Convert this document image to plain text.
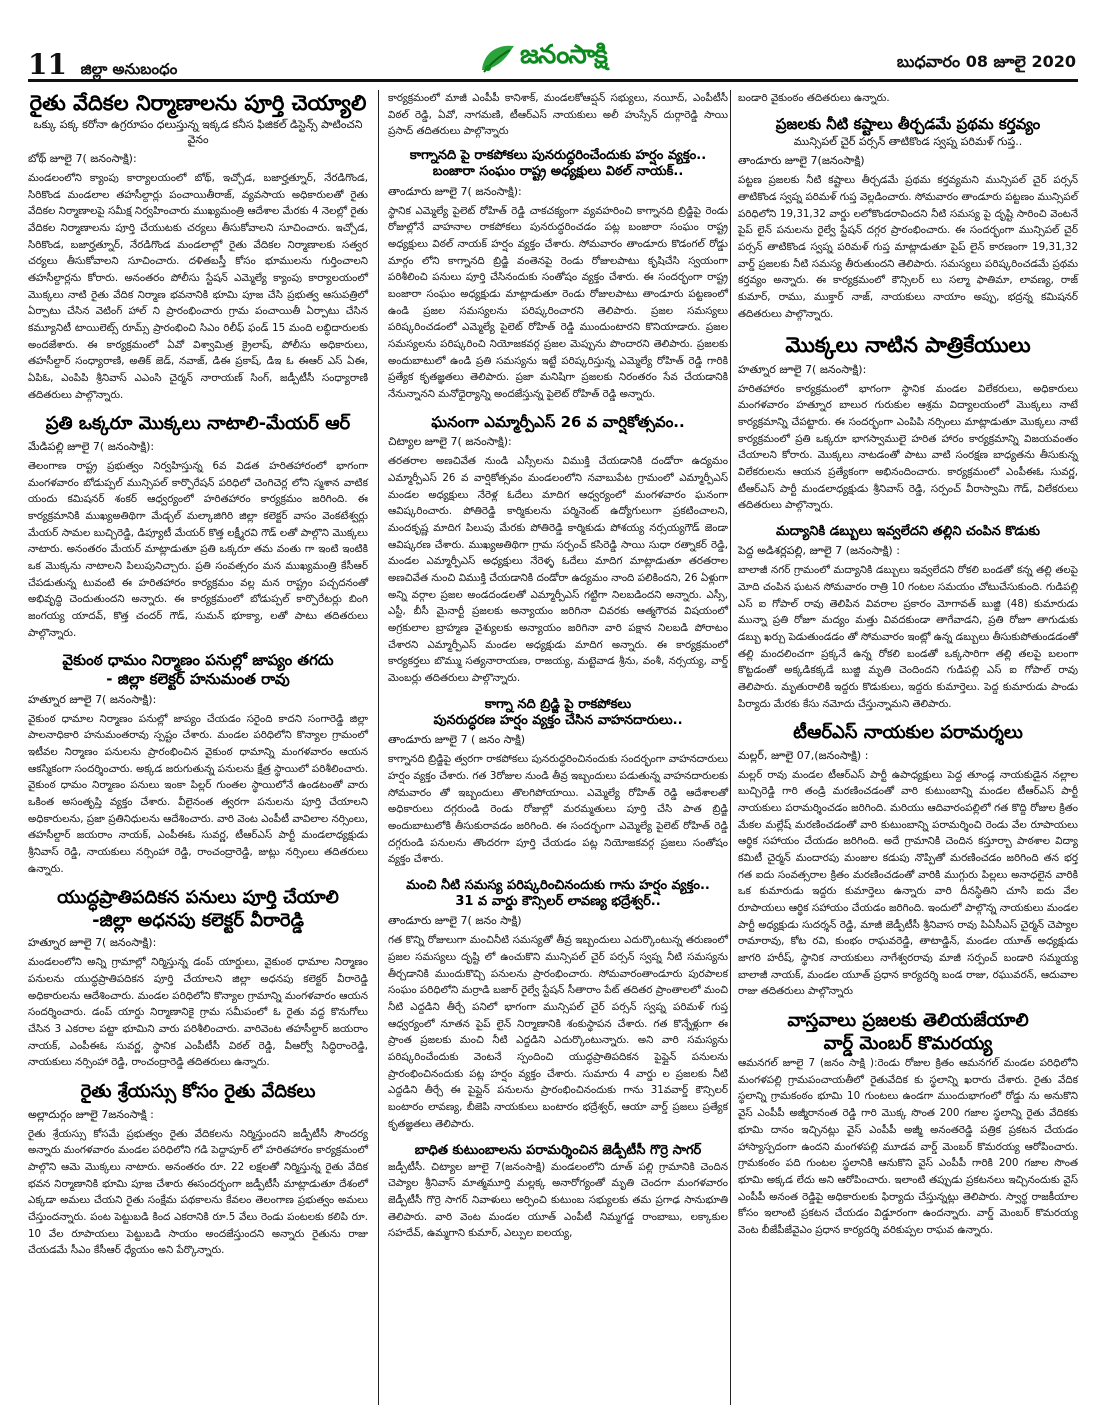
11 జిల్లా అనుబంధం	జనంసాక్షి	బుధవారం 08 జూలై 2020
రైతు వేదికల నిర్మాణాలను పూర్తి చెయ్యాలి
ఒక్కు పక్క కరోనా ఉగ్రరూపం ధలుస్తున్న ఇక్కడ కనీస ఫిజికల్ డిస్టెన్స్ పాటించని వైనం
బోథ్ జూలై 7( జనంసాక్షి):
మండలంలోని క్యాంపు కార్యాలయంలో బోథ్, ఇచ్చోడ, బజార్హత్నూర్, నేరడిగొండ, సిరికొండ మండలాల తహసీల్దార్లు పంచాయితీరాజ్, వ్యవసాయ అధికారులతో రైతు వేదికల నిర్మాణాలపై సమీక్ష నిర్వహించారు ముఖ్యమంత్రి ఆదేశాల మేరకు 4 నెలల్లో రైతు వేదికల నిర్మాణాలను పూర్తి చేయుటకు చర్యలు తీసుకోవాలని సూచించారు. ఇచ్చోడ, సిరికొండ, బజార్హత్నూర్, నేరడిగొండ మండలాల్లో రైతు వేదికల నిర్మాణాలకు సత్వర చర్యలు తీసుకోవాలని సూచించారు. దళితబస్తీ కోసం భూములను గుర్తించాలని తహసీల్దార్లను కోరారు. అనంతరం పోలీసు స్టేషన్ ఎమ్మెల్యే క్యాంపు కార్యాలయంలో మొక్కలు నాటి రైతు వేదిక నిర్మాణ భవనానికి భూమి పూజ చేసి ప్రభుత్వ ఆసుపత్రిలో ఏర్పాటు చేసిన వెటింగ్ హాల్ ని ప్రారంభించారు గ్రామ పంచాయితీ ఏర్పాటు చేసిన కమ్యూనిటీ టాయిలెట్స్ రూమ్స్ ప్రారంభించి సిఎం రిలీఫ్ ఫండ్ 15 మంది లబ్ధిదారులకు అందజేశారు. ఈ కార్యక్రమంలో ఏవో విశ్వామిత్ర క్రైలాష్, పోలీసు అధికారులు, తహసీల్దార్ సంధ్యారాణి, అతిక్ జెడ్, నవాజ్, డిఈ ప్రకాష్, డిఇ ఓ ఈఆర్ ఎస్ ఏఈ, ఏపిఓ, ఎంపిపి శ్రీనివాస్ ఎఎంసి చైర్మన్ నారాయణ్ సింగ్, జడ్పీటీసీ సంధ్యారాణి తదితరులు పాల్గొన్నారు.
ప్రతి ఒక్కరూ మొక్కలు నాటాలి-మేయర్ ఆర్
మేడిపల్లి జూలై 7( జనంసాక్షి):
తెలంగాణ రాష్ట్ర ప్రభుత్వం నిర్వహిస్తున్న 6వ విడత హరితహారంలో భాగంగా మంగళవారం బోడుప్పల్ మున్సిపల్ కార్పొరేషన్ పరిధిలో చెంగిచెర్ల లోని స్మశాన వాటిక యందు కమిషనర్ శంకర్ ఆధ్వర్యంలో హరితహారం కార్యక్రమం జరిగింది. ఈ కార్యక్రమానికి ముఖ్యఅతిథిగా మేడ్చల్ మల్కాజిగిరి జిల్లా కలెక్టర్ వాసం వెంకటేశ్వర్లు మేయర్ సామల బుచ్చిరెడ్డి, డిప్యూటీ మేయర్ కొత్త లక్ష్మీరవి గౌడ్ లతో పాల్గొని మొక్కలు నాటారు. అనంతరం మేయర్ మాట్లాడుతూ ప్రతి ఒక్కరూ తమ వంతు గా ఇంటి ఇంటికి ఒక మొక్కను నాటాలని పిలుపునిచ్చారు. ప్రతి సంవత్సరం మన ముఖ్యమంత్రి కేసీఆర్ చేపడుతున్న టువంటి ఈ హరితహారం కార్యక్రమం వల్ల మన రాష్ట్రం పచ్చదనంతో అభివృద్ధి చెందుతుందని అన్నారు. ఈ కార్యక్రమంలో బోడుప్పల్ కార్పొరేటర్లు బింగి జంగయ్య యాదవ్, కొత్త చందర్ గౌడ్, సుమన్ భూక్యా, లతో పాటు తదితరులు పాల్గొన్నారు.
వైకుంఠ ధామం నిర్మాణం పనుల్లో జాప్యం తగదు
- జిల్లా కలెక్టర్ హనుమంత రావు
హత్నూర జూలై 7( జనంసాక్షి):
వైకుంఠ ధామాల నిర్మాణం పనుల్లో జాప్యం చేయడం సరైంది కాదని సంగారెడ్డి జిల్లా పాలనాధికారి హనుమంతరావు స్పష్టం చేశారు. మండల పరిధిలోని కొన్యాల గ్రామంలో ఇటీవల నిర్మాణం పనులను ప్రారంభించిన వైకుంఠ ధామాన్ని మంగళవారం ఆయన ఆకస్మికంగా సందర్శించారు. అక్కడ జరుగుతున్న పనులను క్షేత్ర స్థాయిలో పరిశీలించారు. వైకుంఠ ధామం నిర్మాణం పనులు ఇంకా పిల్లర్ గుంతల స్థాయిలోనే ఉండటంతో వారు ఒకింత అసంతృప్తి వ్యక్తం చేశారు. వీలైనంత త్వరగా పనులను పూర్తి చేయాలని అధికారులను, ప్రజా ప్రతినిధులను ఆదేశించారు. వారి వెంట ఎంపీటీ వావిలాల నర్సింలు, తహసీల్దార్ జయరాం నాయక్, ఎంపీఈఓ సువర్ణ, టీఆర్ఎస్ పార్టీ మండలాధ్యక్షుడు శ్రీనివాస్ రెడ్డి, నాయకులు నర్సింహా రెడ్డి, రాంచంద్రారెడ్డి, జుట్లు నర్సింలు తదితరులు ఉన్నారు.
యుద్ధప్రాతిపదికన పనులు పూర్తి చేయాలి
-జిల్లా అధనపు కలెక్టర్ వీరారెడ్డి
హత్నూర జూలై 7( జనంసాక్షి):
మండలంలోని అన్ని గ్రామాల్లో నిర్మిస్తున్న డంప్ యార్డులు, వైకుంఠ ధామాల నిర్మాణం పనులను యుద్ధప్రాతిపదికన పూర్తి చేయాలని జిల్లా అధనపు కలెక్టర్ వీరారెడ్డి అధికారులను ఆదేశించారు. మండల పరిధిలోని కొన్యాల గ్రామాన్ని మంగళవారం ఆయన సందర్శించారు. డంప్ యార్డు నిర్మాణానికై గ్రామ సమీపంలో ఓ రైతు వద్ద కొనుగోలు చేసిన 3 ఎకరాల పట్టా భూమిని వారు పరిశీలించారు. వారివెంట తహసీల్దార్ జయరాం నాయక్, ఎంపీఈఓ సువర్ణ, స్థానిక ఎంపీటీసీ విఠల్ రెడ్డి, వీఆర్వో సిద్ధిరాంరెడ్డి, నాయకులు నర్సింహా రెడ్డి, రాంచంద్రారెడ్డి తదితరులు ఉన్నారు.
రైతు శ్రేయస్సు కోసం రైతు వేదికలు
అల్లాదుర్గం జూలై 7జనంసాక్షి :
రైతు శ్రేయస్సు కోసమే ప్రభుత్వం రైతు వేదికలను నిర్మిస్తుందని జడ్పీటీసీ సౌందర్య అన్నారు మంగళవారం మండల పరిధిలోని గడి పెద్దాపూర్ లో హరితహారం కార్యక్రమంలో పాల్గొని ఆమె మొక్కలు నాటారు. అనంతరం రూ. 22 లక్షలతో నిర్మిస్తున్న రైతు వేదిక భవన నిర్మాణానికి భూమి పూజ చేశారు ఈసందర్భంగా జడ్పీటీసీ మాట్లాడుతూ దేశంలో ఎక్కడా అమలు చేయని రైతు సంక్షేమ పథకాలను కేవలం తెలంగాణ ప్రభుత్వం అమలు చేస్తుందన్నారు. పంట పెట్టుబడి కింద ఎకరానికి రూ.5 వేలు రెండు పంటలకు కలిపి రూ. 10 వేల రూపాయలు పెట్టుబడి సాయం అందజేస్తుందని అన్నారు రైతును రాజు చేయడమే సీఎం కేసీఆర్ ధ్యేయం అని పేర్కొన్నారు.
కార్యక్రమంలో మాజీ ఎంపీపీ కానిశాక్, మండలకోఆప్షన్ సభ్యులు, నయీద్, ఎంపీటీసీ విఠల్ రెడ్డి, ఏవో, నాగమణి, టీఆర్ఎస్ నాయకులు అలీ హుస్సేన్ దుర్గారెడ్డి సాయి ప్రసాద్ తదితరులు పాల్గొన్నారు
కాగ్నానది పై రాకపోకలు పునరుద్ధరించేందుకు హర్షం వ్యక్తం..
బంజారా సంఘం రాష్ట్ర అధ్యక్షులు విఠల్ నాయక్..
తాండూరు జూలై 7( జనంసాక్షి):
స్థానిక ఎమ్మెల్యే పైలెట్ రోహిత్ రెడ్డి చాకచక్యంగా వ్యవహరించి కాగ్నానది బ్రిడ్జిపై రెండు రోజుల్లోనే వాహనాల రాకపోకలు పునరుద్ధరించడం పట్ల బంజారా సంఘం రాష్ట్ర అధ్యక్షులు విఠల్ నాయక్ హర్షం వ్యక్తం చేశారు. సోమవారం తాండూరు కొడంగల్ రోడ్డు మార్గం లోని కాగ్నానది బ్రిడ్జి వంతెనపై రెండు రోజులపాటు కృషిచేసి స్వయంగా పరిశీలించి పనులు పూర్తి చేసినందుకు సంతోషం వ్యక్తం చేశారు. ఈ సందర్భంగా రాష్ట్ర బంజారా సంఘం అధ్యక్షుడు మాట్లాడుతూ రెండు రోజులపాటు తాండూరు పట్టణంలో ఉండి ప్రజల సమస్యలను పరిష్కరించారని తెలిపారు. ప్రజల సమస్యలు పరిష్కరించడంలో ఎమ్మెల్యే పైలెట్ రోహిత్ రెడ్డి ముందుంటారని కొనియాడారు. ప్రజల సమస్యలను పరిష్కరించి నియోజకవర్గ ప్రజల మెప్పును పొందారని తెలిపారు. ప్రజలకు అందుబాటులో ఉండి ప్రతి సమస్యను ఇట్టే పరిష్కరిస్తున్న ఎమ్మెల్యే రోహిత్ రెడ్డి గారికి ప్రత్యేక కృతజ్ఞతలు తెలిపారు. ప్రజా మనిషిగా ప్రజలకు నిరంతరం సేవ చేయడానికి నేనున్నానని మనోధైర్యాన్ని అందజేస్తున్న పైలెట్ రోహిత్ రెడ్డి అన్నారు.
ఘనంగా ఎమ్మార్పీఎస్ 26 వ వార్షికోత్సవం..
చిట్యాల జూలై 7( జనంసాక్షి):
తరతరాల అణచివేత నుండి ఎస్సీలను విముక్తి చేయడానికి దండోరా ఉద్యమం ఎమ్మార్పీఎస్ 26 వ వార్షికోత్సవం మండలంలోని నవాబుపేట గ్రామంలో ఎమ్మార్పీఎస్ మండల అధ్యక్షులు నేరెళ్ల ఓదేలు మాదిగ ఆధ్వర్యంలో మంగళవారం ఘనంగా ఆవిష్కరించారు. పోతిరెడ్డి కార్మికులను పర్మినెంట్ ఉద్యోగులుగా ప్రకటించాలని, మందకృష్ణ మాదిగ పిలుపు మేరకు పోతిరెడ్డి కార్మికుడు పోశయ్య నర్సయ్యగౌడ్ జెండా ఆవిష్కరణ చేశారు. ముఖ్యఅతిథిగా గ్రామ సర్పంచ్ కసిరెడ్డి సాయి సుధా రత్నాకర్ రెడ్డి, మండల ఎమ్మార్పీఎస్ అధ్యక్షులు నేరెళ్ళ ఓదేలు మాదిగ మాట్లాడుతూ తరతరాల అణచివేత నుంచి విముక్తి చేయడానికి దండోరా ఉద్యమం నాంది పలికిందని, 26 ఏళ్లుగా అన్ని వర్గాల ప్రజల అండదండలతో ఎమ్మార్పీఎస్ గట్టిగా నిలబడిందని అన్నారు. ఎస్సీ, ఎస్టీ, బీసీ మైనార్టీ ప్రజలకు అన్యాయం జరిగినా చివరకు ఆత్మగౌరవ విషయంలో అగ్రకులాల బ్రాహ్మణ వైశ్యులకు అన్యాయం జరిగినా వారి పక్షాన నిలబడి పోరాటం చేశారని ఎమ్మార్పీఎస్ మండల అధ్యక్షుడు మాదిగ అన్నారు. ఈ కార్యక్రమంలో కార్యకర్తలు బొమ్ము సత్యనారాయణ, రాజయ్య, మట్టెవాడ శ్రీను, వంశీ, నర్సయ్య, వార్డ్ మెంబర్లు తదితరులు పాల్గొన్నారు.
కాగ్నా నది బ్రిడ్జి పై రాకపోకలు
పునరుద్ధరణ హర్షం వ్యక్తం చేసిన వాహనదారులు..
తాండూరు జూలై 7 ( జనం సాక్షి)
కాగ్నానది బ్రిడ్జిపై త్వరగా రాకపోకలు పునరుద్ధరించినందుకు సందర్భంగా వాహనదారులు హర్షం వ్యక్తం చేశారు. గత 3రోజుల నుండి తీవ్ర ఇబ్బందులు పడుతున్న వాహనదారులకు సోమవారం తో ఇబ్బందులు తొలగిపోయాయి. ఎమ్మెల్యే రోహిత్ రెడ్డి ఆదేశాలతో అధికారులు దగ్గరుండి రెండు రోజుల్లో మరమ్మతులు పూర్తి చేసి పాత బ్రిడ్జి అందుబాటులోకి తీసుకురావడం జరిగింది. ఈ సందర్భంగా ఎమ్మెల్యే పైలెట్ రోహిత్ రెడ్డి దగ్గరుండి పనులను తొందరగా పూర్తి చేయడం పట్ల నియోజకవర్గ ప్రజలు సంతోషం వ్యక్తం చేశారు.
మంచి నీటి సమస్య పరిష్కరించినందుకు గాను హర్షం వ్యక్తం..
31 వ వార్డు కౌన్సిలర్ లావణ్య భద్రేశ్వర్..
తాండూరు జూలై 7( జనం సాక్షి)
గత కొన్ని రోజులుగా మంచినీటి సమస్యతో తీవ్ర ఇబ్బందులు ఎదుర్కొంటున్న తరుణంలో ప్రజల సమస్యలు దృష్టి లో ఉంచుకొని మున్సిపల్ చైర్ పర్సన్ స్వప్న నీటి సమస్యను తీర్చడానికి ముందుకొచ్చి పనులను ప్రారంభించారు. సోమవారంతాండూరు పురపాలక సంఘం పరిధిలోని మర్రాడి బజార్ రైల్వే స్టేషన్ సీతారాం పేట్ తదితర ప్రాంతాలలో మంచి నీటి ఎద్దడిని తీర్చే పనిలో భాగంగా మున్సిపల్ చైర్ పర్సన్ స్వప్న పరిమళ్ గుప్త ఆధ్వర్యంలో నూతన పైప్ లైన్ నిర్మాణానికి శంకుస్థాపన చేశారు. గత కొన్నేళ్లుగా ఈ ప్రాంత ప్రజలకు మంచి నీటి ఎద్దడిని ఎదుర్కొంటున్నారు. అని వారి సమస్యను పరిష్కరించేందుకు వెంటనే స్పందించి యుద్ధప్రాతిపదికన పైప్లైన్ పనులను ప్రారంభించినందుకు పట్ల హర్షం వ్యక్తం చేశారు. సుమారు 4 వార్డు ల ప్రజలకు నీటి ఎద్దడిని తీర్చే ఈ పైప్లైన్ పనులను ప్రారంభించినందుకు గాను 31వవార్డ్ కౌన్సిలర్ బంటారం లావణ్య, బీజెపి నాయకులు బంటారం భద్రేశ్వర్, ఆయా వార్డ్ ప్రజలు ప్రత్యేక కృతజ్ఞతలు తెలిపారు.
బాధిత కుటుంబాలను పరామర్శించిన జెడ్పీటీసీ గొర్రె సాగర్
జడ్పీటీసీ. చిట్యాల జూలై 7(జనంసాక్షి) మండలంలోని దూత్ పల్లి గ్రామానికి చెందిన చెప్యాల శ్రీనివాస్ మాత్మమూర్తి మల్లక్క అనారోగ్యంతో మృతి చెందగా మంగళవారం జెడ్పీటీసీ గొర్రె సాగర్ నివాళులు అర్పించి కుటుంబ సభ్యులకు తమ ప్రగాఢ సానుభూతి తెలిపారు. వారి వెంట మండల యూత్ ఎంపీటీ నిమ్మగడ్డ రాంబాబు, లక్కాకుల సహదేవ్, ఉమ్మగాని కుమార్, ఎల్పుల ఐలయ్య,
బండారి వైకుంఠం తదితరులు ఉన్నారు.
ప్రజలకు నీటి కష్టాలు తీర్చడమే ప్రథమ కర్తవ్యం
మున్సిపల్ చైర్ పర్సన్ తాటికొండ స్వప్న పరిమళ్ గుప్త..
తాండూరు జూలై 7(జనంసాక్షి)
పట్టణ ప్రజలకు నీటి కష్టాలు తీర్చడమే ప్రథమ కర్తవ్యమని మున్సిపల్ చైర్ పర్సన్ తాటికొండ స్వప్న పరిమళ్ గుప్త వెల్లడించారు. సోమవారం తాండూరు పట్టణం మున్సిపల్ పరిధిలోని 19,31,32 వార్డు లలోకొండరావిందని నీటి సమస్య పై దృష్టి సారించి వెంటనే పైప్ లైన్ పనులను రైల్వే స్టేషన్ దగ్గర ప్రారంభించారు. ఈ సందర్భంగా మున్సిపల్ చైర్ పర్సన్ తాటికొండ స్వప్న పరిమళ్ గుప్త మాట్లాడుతూ పైప్ లైన్ కారణంగా 19,31,32 వార్డ్ ప్రజలకు నీటి సమస్య తీరుతుందని తెలిపారు. సమస్యలు పరిష్కరించడమే ప్రథమ కర్తవ్యం అన్నారు. ఈ కార్యక్రమంలో కౌన్సిలర్ లు సల్మా ఫాతిమా, లావణ్య, రాజ్ కుమార్, రాము, ముక్తార్ నాజ్, నాయకులు నాయాం అప్పు, భద్రన్న కమిషనర్ తదితరులు పాల్గొన్నారు.
మొక్కలు నాటిన పాత్రికేయులు
హత్నూర జూలై 7( జనంసాక్షి):
హరితహారం కార్యక్రమంలో భాగంగా స్థానిక మండల విలేకరులు, అధికారులు మంగళవారం హత్నూర బాలుర గురుకుల ఆశ్రమ విద్యాలయంలో మొక్కలు నాటే కార్యక్రమాన్ని చేపట్టారు. ఈ సందర్భంగా ఎంపిపి నర్సింలు మాట్లాడుతూ మొక్కలు నాటే కార్యక్రమంలో ప్రతి ఒక్కరూ భాగస్వాములై హరిత హారం కార్యక్రమాన్ని విజయవంతం చేయాలని కోరారు. మొక్కలు నాటడంతో పాటు వాటి సంరక్షణ బాధ్యతను తీసుకున్న విలేకరులను ఆయన ప్రత్యేకంగా అభినందించారు. కార్యక్రమంలో ఎంపీఈఓ సువర్ణ, టీఆర్ఎస్ పార్టీ మండలాధ్యక్షుడు శ్రీనివాస్ రెడ్డి, సర్పంచ్ వీరాస్వామి గౌడ్, విలేకరులు తదితరులు పాల్గొన్నారు.
మద్యానికి డబ్బులు ఇవ్వలేదని తల్లిని చంపిన కొడుకు
పెద్ద అడిశర్లపల్లి, జూలై 7 (జనంసాక్షి) :
బాలాజీ నగర్ గ్రామంలో మద్యానికి డబ్బులు ఇవ్వలేదని రోకలి బండతో కన్న తల్లి తలపై మోది చంపిన ఘటన సోమవారం రాత్రి 10 గంటల సమయం చోటుచేసుకుంది. గుడిపల్లి ఎస్ ఐ గోపాల్ రావు తెలిపిన వివరాల ప్రకారం మోగావత్ బుజ్జి (48) కుమారుడు మున్నా ప్రతి రోజూ మద్యం మత్తు వివదకుండా తాగేవాడని, ప్రతి రోజూ తాగుడుకు డబ్బు ఖర్చు పెడుతుండడం తో సోమవారం ఇంట్లో ఉన్న డబ్బులు తీసుకుపోతుండడంతో తల్లి మందలించగా ప్రక్కనే ఉన్న రోకలి బండతో ఒక్కసారిగా తల్లి తలపై బలంగా కొట్టడంతో అక్కడికక్కడే బుజ్జి మృతి చెందిందని గుడిపల్లి ఎస్ ఐ గోపాల్ రావు తెలిపారు. మృతురాలికి ఇద్దరు కొడుకులు, ఇద్దరు కుమార్తెలు. పెద్ద కుమారుడు పాండు పిర్యాదు మేరకు కేసు నమోదు చేస్తున్నామని తెలిపారు.
టీఆర్ఎస్ నాయకుల పరామర్శలు
మల్లర్, జూలై 07,(జనంసాక్షి) :
మల్లర్ రావు మండల టీఆర్ఎస్ పార్టీ ఉపాధ్యక్షులు పెద్ద తూండ్ల నాయకుడైన నల్లాల బుచ్చిరెడ్డి గారి తండ్రి మరణించడంతో వారి కుటుంబాన్ని మండల టీఆర్ఎస్ పార్టీ నాయకులు పరామర్శించడం జరిగింది. మరియు ఆదివారంపల్లిలో గత కొద్ది రోజుల క్రితం మేకల మల్లేష్ మరణించడంతో వారి కుటుంబాన్ని పరామర్శించి రెండు వేల రూపాయలు ఆర్థిక సహాయం చేయడం జరిగింది. అదే గ్రామానికి చెందిన కస్తూర్బా పాఠశాల విద్యా కమిటీ చైర్మన్ మందారపు మంజుల కడుపు నొప్పితో మరణించడం జరిగింది తన భర్త గత ఐదు సంవత్సరాల క్రితం మరణించడంతో వారికి ముగ్గురు పిల్లలు అనాధలైన వారికి ఒక కుమారుడు ఇద్దరు కుమార్తెలు ఉన్నారు వారి దీనస్థితిని చూసి ఐదు వేల రూపాయలు ఆర్థిక సహాయం చేయడం జరిగింది. ఇందులో పాల్గొన్న నాయకులు మండల పార్టీ అధ్యక్షుడు సుదర్శన్ రెడ్డి, మాజీ జెడ్పీటీసీ శ్రీనివాస రావు పిఏసీఎస్ చైర్మన్ చెప్యాల రామారావు, కోట రవి, కుంభం రాఘవరెడ్డి, తాటాడ్డిన్, మండల యూత్ అధ్యక్షుడు జాగరి హరీష్, స్థానిక నాయకులు నాగేశ్వరరావు మాజీ సర్పంచ్ బండారి సమ్మయ్య బాలాజీ నాయక్, మండల యూత్ ప్రధాన కార్యదర్శి బండ రాజు, రఘువరన్, ఆదువాల రాజు తదితరులు పాల్గొన్నారు
వాస్తవాలు ప్రజలకు తెలియజేయాలి
వార్డ్ మెంబర్ కొమరయ్య
ఆమనగల్ జూలై 7 (జనం సాక్షి ):రెండు రోజుల క్రితం ఆమనగల్ మండల పరిధిలోని మంగళపల్లి గ్రామపంచాయతీలో రైతువేదిక కు స్థలాన్ని ఖరారు చేశారు. రైతు వేదిక స్థలాన్ని గ్రామకంఠం భూమి 10 గుంటలు ఉండగా ముందుభాగంలో రోడ్డు ను అనుకొని వైస్ ఎంపీపీ అజ్మీరానంత రెడ్డి గారి మొక్క సొంత 200 గజాల స్థలాన్ని రైతు వేదికకు భూమి దానం ఇచ్చినట్లు వైస్ ఎంపీపీ అజ్మీ అనంతరెడ్డి పత్రిక ప్రకటన చేయడం హాస్యాస్పదంగా ఉందని మంగళపల్లి మూడవ వార్డ్ మెంబర్ కొమరయ్య ఆరోపించారు. గ్రామకంఠం పది గుంటల స్థలానికి ఆనుకొని వైస్ ఎంపీపీ గారికి 200 గజాల సొంత భూమి అక్కడ లేదు అని ఆరోపించారు. ఇలాంటి తప్పుడు ప్రకటనలు ఇచ్చినందుకు వైస్ ఎంపీపీ అనంత రెడ్డిపై అధికారులకు ఫిర్యాదు చేస్తున్నట్లు తెలిపారు. స్వార్థ రాజకీయాల కోసం ఇలాంటి ప్రకటన చేయడం విడ్డూరంగా ఉందన్నారు. వార్డ్ మెంబర్ కొమరయ్య వెంట బీజేపీజేవైఎం ప్రధాన కార్యదర్శి వరికుప్పల రాఘవ ఉన్నారు.
